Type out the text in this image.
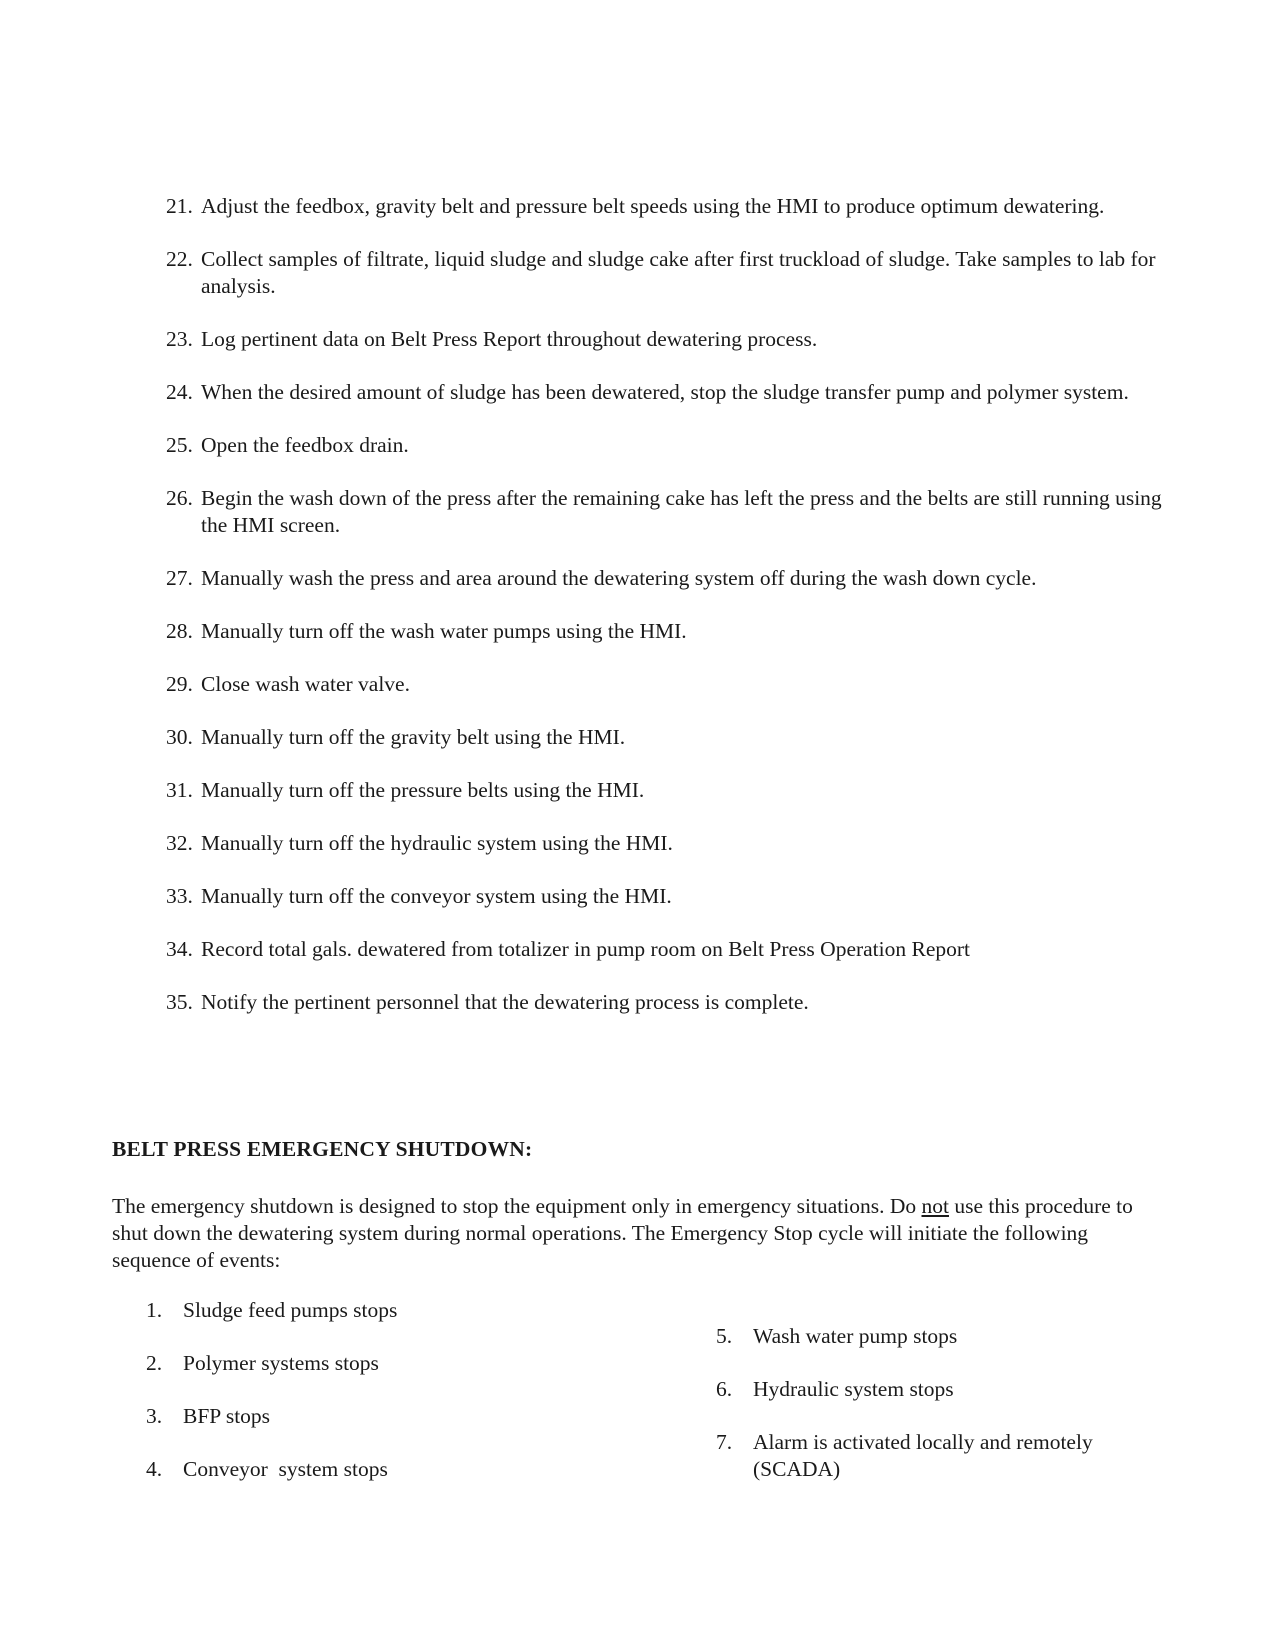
21. Adjust the feedbox, gravity belt and pressure belt speeds using the HMI to produce optimum dewatering.
22. Collect samples of filtrate, liquid sludge and sludge cake after first truckload of sludge. Take samples to lab for analysis.
23. Log pertinent data on Belt Press Report throughout dewatering process.
24. When the desired amount of sludge has been dewatered, stop the sludge transfer pump and polymer system.
25. Open the feedbox drain.
26. Begin the wash down of the press after the remaining cake has left the press and the belts are still running using the HMI screen.
27. Manually wash the press and area around the dewatering system off during the wash down cycle.
28. Manually turn off the wash water pumps using the HMI.
29. Close wash water valve.
30. Manually turn off the gravity belt using the HMI.
31. Manually turn off the pressure belts using the HMI.
32. Manually turn off the hydraulic system using the HMI.
33. Manually turn off the conveyor system using the HMI.
34. Record total gals. dewatered from totalizer in pump room on Belt Press Operation Report
35. Notify the pertinent personnel that the dewatering process is complete.
BELT PRESS EMERGENCY SHUTDOWN:

The emergency shutdown is designed to stop the equipment only in emergency situations. Do not use this procedure to shut down the dewatering system during normal operations. The Emergency Stop cycle will initiate the following sequence of events:

1. Sludge feed pumps stops
2. Polymer systems stops
3. BFP stops
4. Conveyor  system stops
5. Wash water pump stops
6. Hydraulic system stops
7. Alarm is activated locally and remotely (SCADA)
